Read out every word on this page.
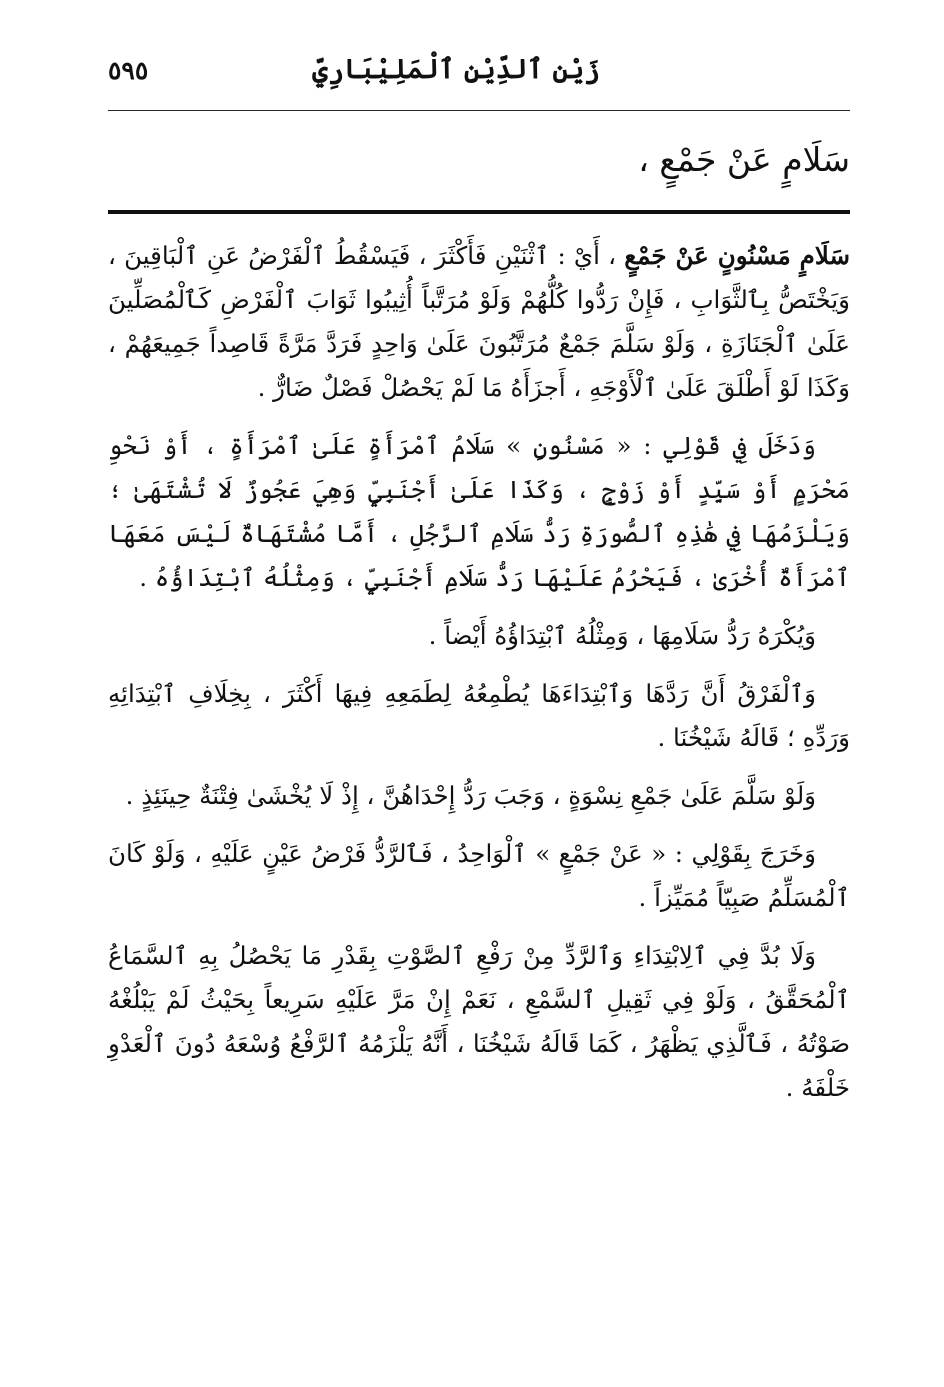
زَيْن ٱلدِّيْنِ ٱلْمَلِيْبَارِيِّ
٥٩٥
سَلَامٍ عَنْ جَمْعٍ ،

سَلَامٍ مَسْنُونٍ عَنْ جَمْعٍ ، أَيْ : ٱثْنَيْنِ فَأَكْثَرَ ، فَيَسْقُطُ ٱلْفَرْضُ عَنِ ٱلْبَاقِينَ ، وَيَخْتَصُّ بِٱلثَّوَابِ ، فَإِنْ رَدُّوا كُلُّهُمْ وَلَوْ مُرَتَّباً أُثِيبُوا ثَوَابَ ٱلْفَرْضِ كَٱلْمُصَلِّينَ عَلَىٰ ٱلْجَنَازَةِ ، وَلَوْ سَلَّمَ جَمْعٌ مُرَتَّبُونَ عَلَىٰ وَاحِدٍ فَرَدَّ مَرَّةً قَاصِداً جَمِيعَهُمْ ، وَكَذَا لَوْ أَطْلَقَ عَلَىٰ ٱلْأَوْجَهِ ، أَجزَأَهُ مَا لَمْ يَحْصُلْ فَصْلٌ ضَارٌّ .

وَدَخَلَ فِي قَوْلِي : « مَسْنُونٍ » سَلَامُ ٱمْرَأَةٍ عَلَىٰ ٱمْرَأَةٍ ، أَوْ نَحْوِ مَحْرَمٍ أَوْ سَيِّدٍ أَوْ زَوْجٍ ، وَكَذَا عَلَىٰ أَجْنَبِيٍّ وَهِيَ عَجُوزٌ لَا تُشْتَهَىٰ ؛ وَيَلْزَمُهَا فِي هَٰذِهِ ٱلصُّورَةِ رَدُّ سَلَامِ ٱلرَّجُلِ ، أَمَّا مُشْتَهَاةٌ لَيْسَ مَعَهَا ٱمْرَأَةٌ أُخْرَىٰ ، فَيَحْرُمُ عَلَيْهَا رَدُّ سَلَامِ أَجْنَبِيٍّ ، وَمِثْلُهُ ٱبْتِدَاؤُهُ .

وَيُكْرَهُ رَدُّ سَلَامِهَا ، وَمِثْلُهُ ٱبْتِدَاؤُهُ أَيْضاً .

وَٱلْفَرْقُ أَنَّ رَدَّهَا وَٱبْتِدَاءَهَا يُطْمِعُهُ لِطَمَعِهِ فِيهَا أَكْثَرَ ، بِخِلَافِ ٱبْتِدَائِهِ وَرَدِّهِ ؛ قَالَهُ شَيْخُنَا .

وَلَوْ سَلَّمَ عَلَىٰ جَمْعِ نِسْوَةٍ ، وَجَبَ رَدُّ إِحْدَاهُنَّ ، إِذْ لَا يُخْشَىٰ فِتْنَةٌ حِينَئِذٍ .

وَخَرَجَ بِقَوْلِي : « عَنْ جَمْعٍ » ٱلْوَاحِدُ ، فَٱلرَّدُّ فَرْضُ عَيْنٍ عَلَيْهِ ، وَلَوْ كَانَ ٱلْمُسَلِّمُ صَبِيّاً مُمَيِّزاً .

وَلَا بُدَّ فِي ٱلِابْتِدَاءِ وَٱلرَّدِّ مِنْ رَفْعِ ٱلصَّوْتِ بِقَدْرِ مَا يَحْصُلُ بِهِ ٱلسَّمَاعُ ٱلْمُحَقَّقُ ، وَلَوْ فِي ثَقِيلِ ٱلسَّمْعِ ، نَعَمْ إِنْ مَرَّ عَلَيْهِ سَرِيعاً بِحَيْثُ لَمْ يَبْلُغْهُ صَوْتُهُ ، فَٱلَّذِي يَظْهَرُ ، كَمَا قَالَهُ شَيْخُنَا ، أَنَّهُ يَلْزَمُهُ ٱلرَّفْعُ وُسْعَهُ دُونَ ٱلْعَدْوِ خَلْفَهُ .
